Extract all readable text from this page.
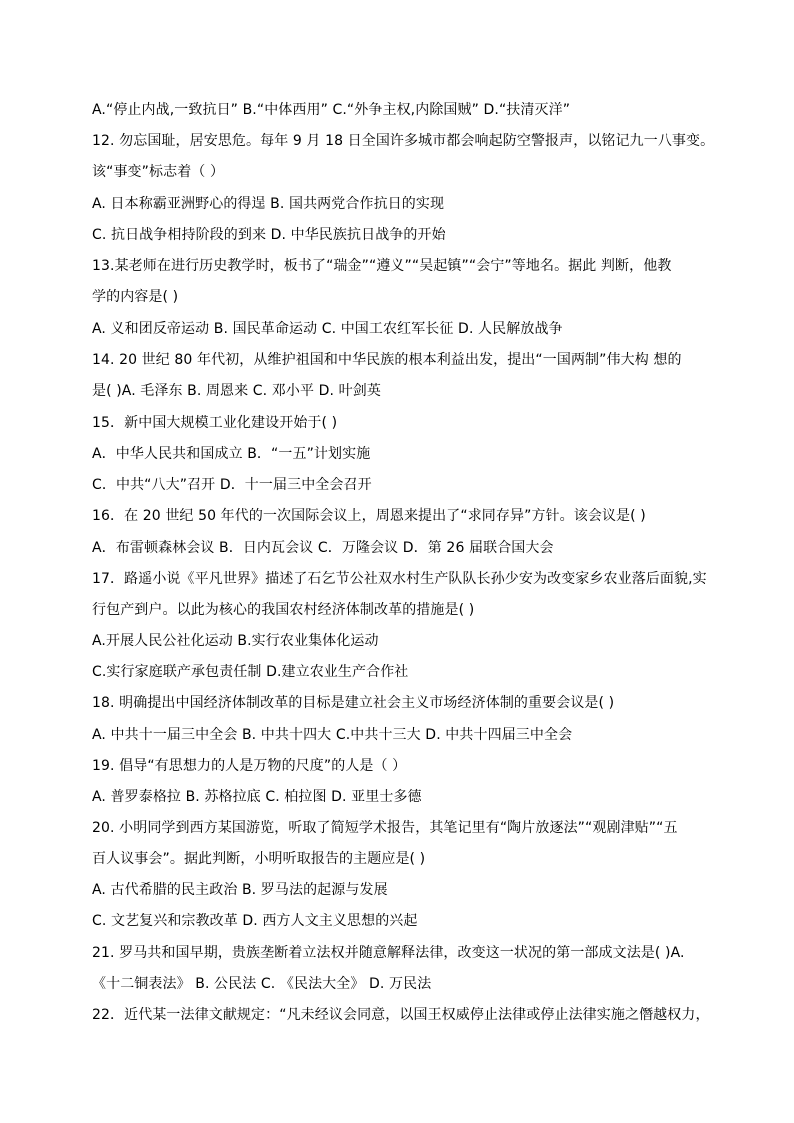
A.“停止内战,一致抗日” B.“中体西用” C.“外争主权,内除国贼” D.“扶清灭洋”
12. 勿忘国耻，居安思危。每年 9 月 18 日全国许多城市都会响起防空警报声，以铭记九一八事变。
该“事变”标志着（ ）
A. 日本称霸亚洲野心的得逞 B. 国共两党合作抗日的实现
C. 抗日战争相持阶段的到来 D. 中华民族抗日战争的开始
13.某老师在进行历史教学时，板书了“瑞金”“遵义”“吴起镇”“会宁”等地名。据此 判断，他教
学的内容是( )
A. 义和团反帝运动 B. 国民革命运动 C. 中国工农红军长征 D. 人民解放战争
14. 20 世纪 80 年代初，从维护祖国和中华民族的根本利益出发，提出“一国两制”伟大构 想的
是( )A. 毛泽东 B. 周恩来 C. 邓小平 D. 叶剑英
15．新中国大规模工业化建设开始于( )
A．中华人民共和国成立 B．“一五”计划实施
C．中共“八大”召开 D．十一届三中全会召开
16．在 20 世纪 50 年代的一次国际会议上，周恩来提出了“求同存异”方针。该会议是( )
A．布雷顿森林会议 B．日内瓦会议 C．万隆会议 D．第 26 届联合国大会
17．路遥小说《平凡世界》描述了石乞节公社双水村生产队队长孙少安为改变家乡农业落后面貌,实
行包产到户。以此为核心的我国农村经济体制改革的措施是( )
A.开展人民公社化运动 B.实行农业集体化运动
C.实行家庭联产承包责任制 D.建立农业生产合作社
18. 明确提出中国经济体制改革的目标是建立社会主义市场经济体制的重要会议是( )
A. 中共十一届三中全会 B. 中共十四大 C.中共十三大 D. 中共十四届三中全会
19. 倡导“有思想力的人是万物的尺度”的人是（ ）
A. 普罗泰格拉 B. 苏格拉底 C. 柏拉图 D. 亚里士多德
20. 小明同学到西方某国游览，听取了简短学术报告，其笔记里有“陶片放逐法”“观剧津贴”“五
百人议事会”。据此判断，小明听取报告的主题应是( )
A. 古代希腊的民主政治 B. 罗马法的起源与发展
C. 文艺复兴和宗教改革 D. 西方人文主义思想的兴起
21. 罗马共和国早期，贵族垄断着立法权并随意解释法律，改变这一状况的第一部成文法是( )A.
《十二铜表法》 B. 公民法 C. 《民法大全》 D. 万民法
22．近代某一法律文献规定：“凡未经议会同意，以国王权威停止法律或停止法律实施之僭越权力，
